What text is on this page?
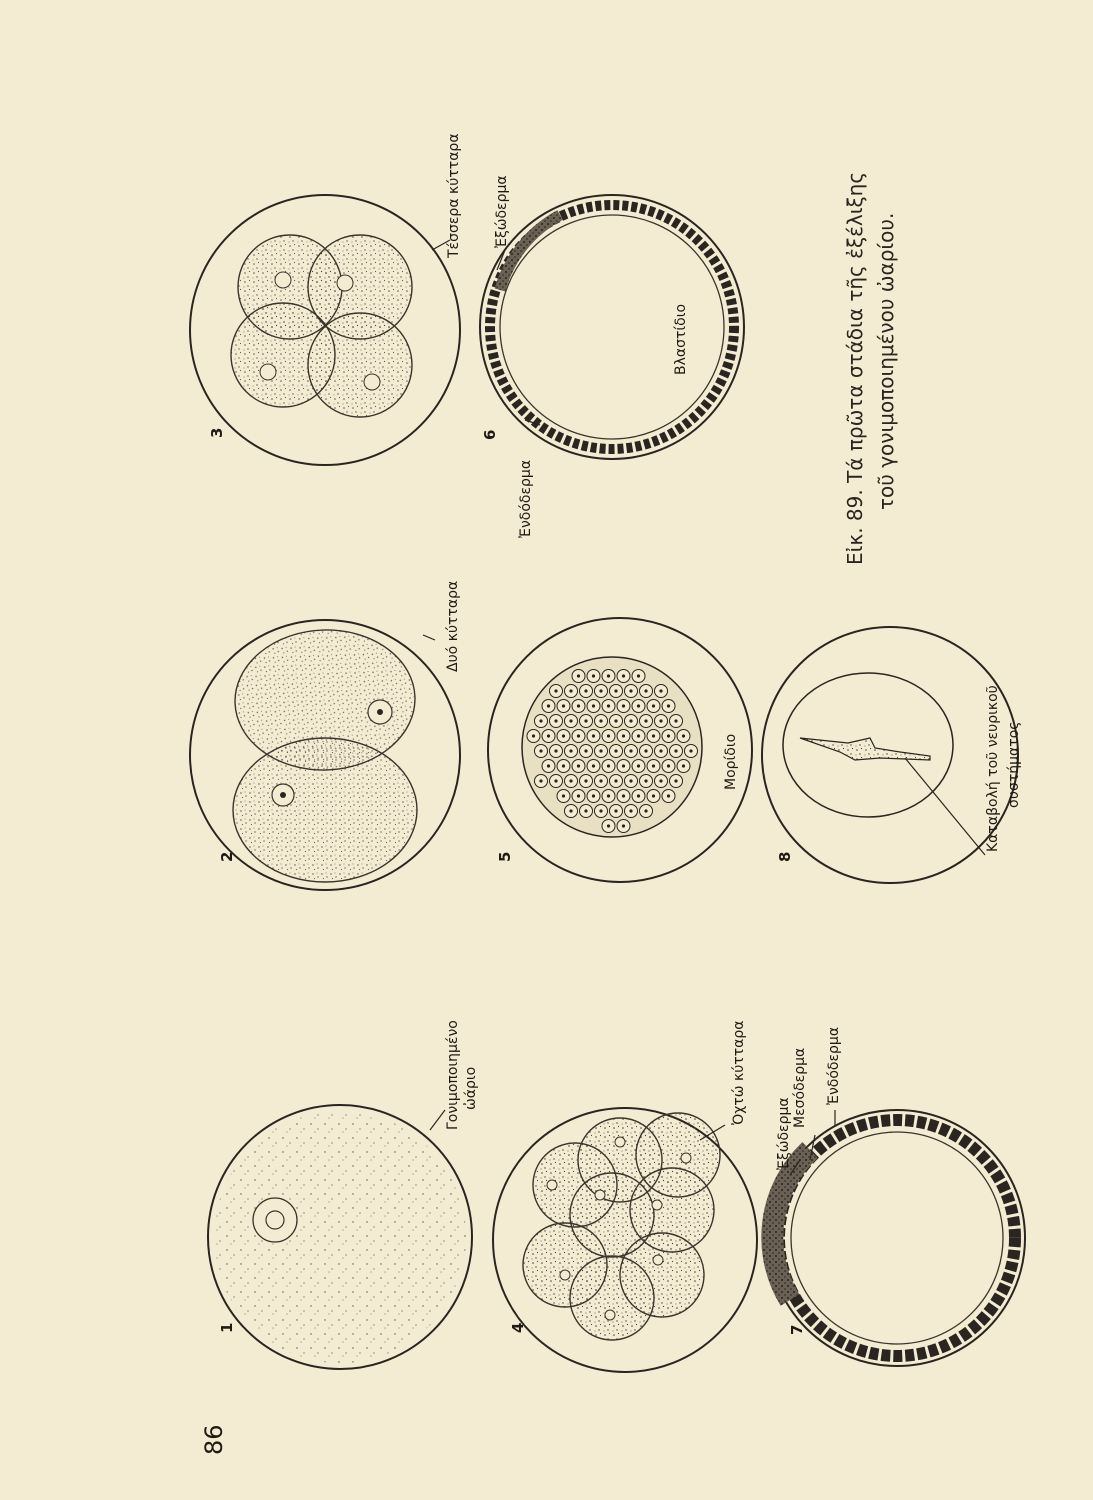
1
Γονιμοποιημένο ὠάριο
2
Δυό κύτταρα
3
Τέσσερα κύτταρα
4
Ὀχτώ κύτταρα
5
Μορίδιο
6
Ἐξώδερμα
Ἐνδόδερμα
Βλαστίδιο
7
Ἐξώδερμα
Μεσόδερμα Ἐνδόδερμα
8
Καταβολή τοῦ νευρικοῦ συστήματος
Εἰκ. 89. Τά πρῶτα στάδια τῆς ἐξέλιξης τοῦ γονιμοποιημένου ὠαρίου.
86
